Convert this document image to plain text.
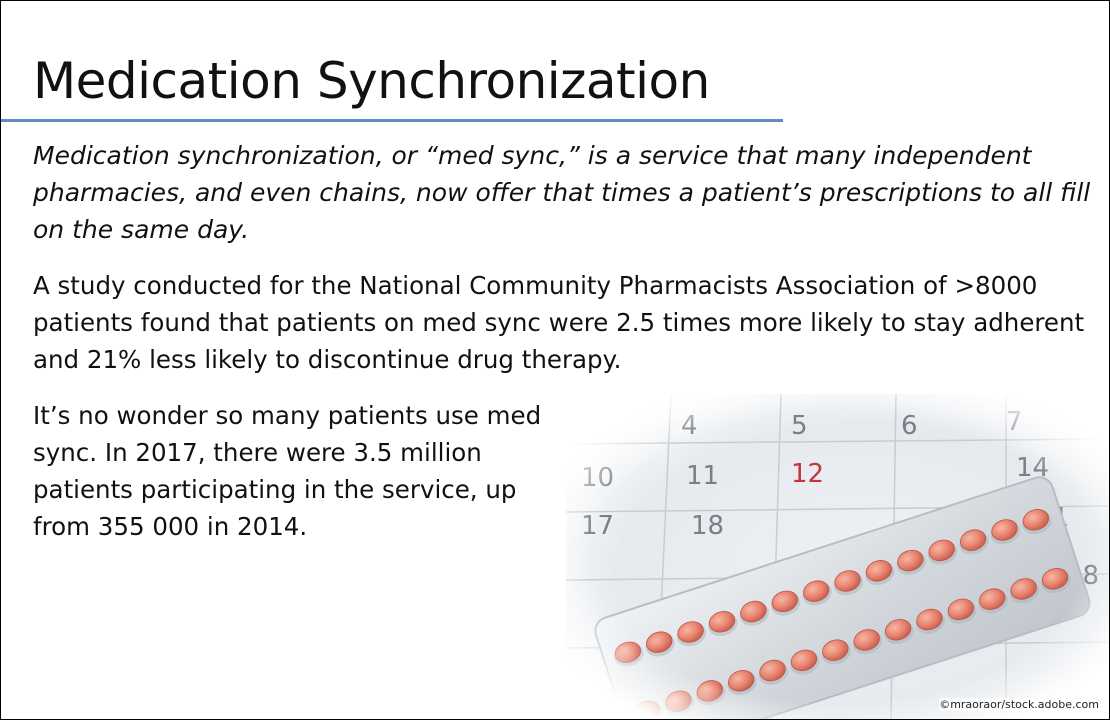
Medication Synchronization

Medication synchronization, or “med sync,” is a service that many independent pharmacies, and even chains, now offer that times a patient’s prescriptions to all fill on the same day.

A study conducted for the National Community Pharmacists Association of >8000 patients found that patients on med sync were 2.5 times more likely to stay adherent and 21% less likely to discontinue drug therapy.

It’s no wonder so many patients use med sync. In 2017, there were 3.5 million patients participating in the service, up from 355 000 in 2014.

©mraoraor/stock.adobe.com
